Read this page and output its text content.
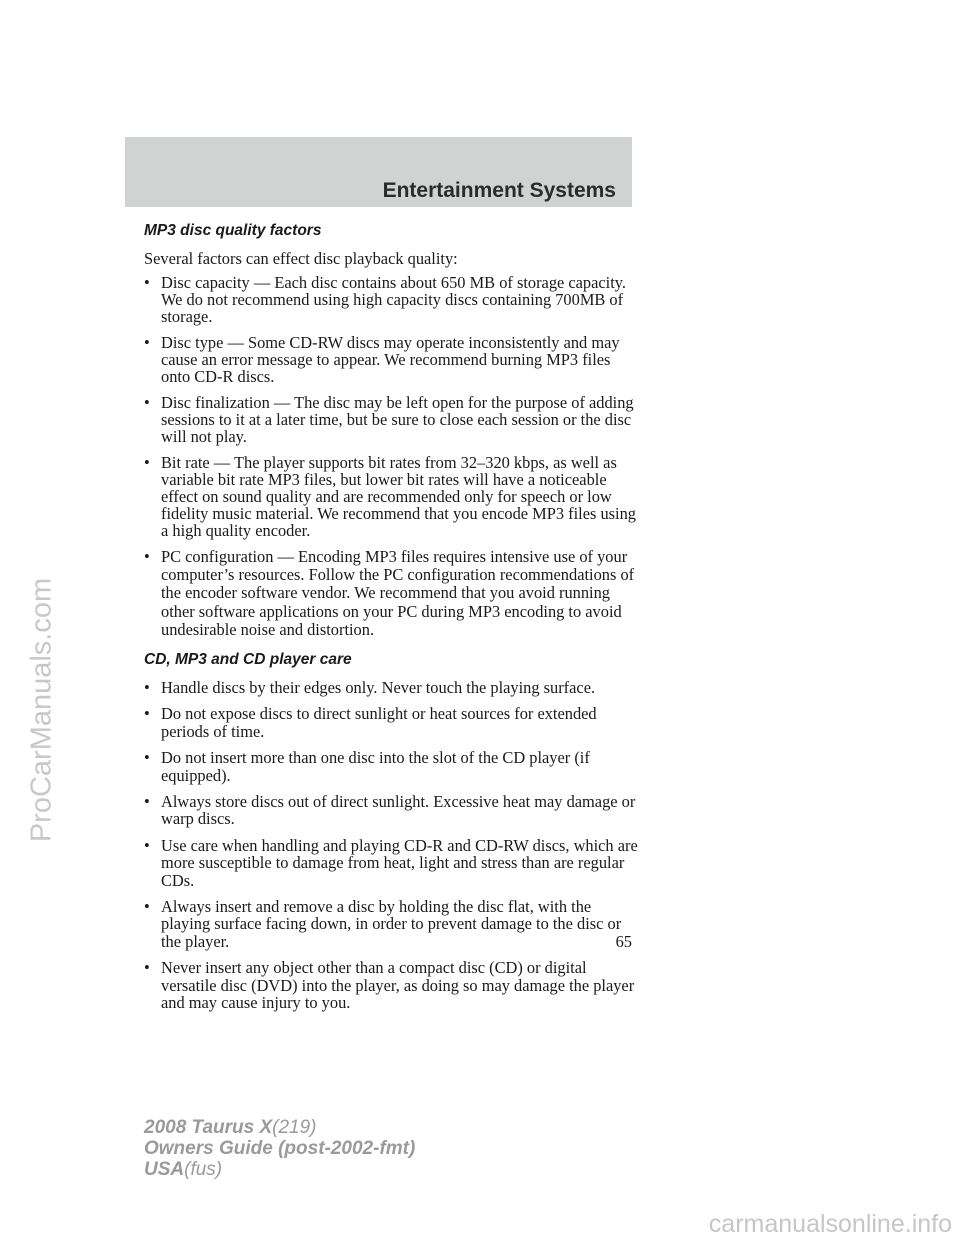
Entertainment Systems
MP3 disc quality factors

Several factors can effect disc playback quality:

• Disc capacity — Each disc contains about 650 MB of storage capacity. We do not recommend using high capacity discs containing 700MB of storage.
• Disc type — Some CD-RW discs may operate inconsistently and may cause an error message to appear. We recommend burning MP3 files onto CD-R discs.
• Disc finalization — The disc may be left open for the purpose of adding sessions to it at a later time, but be sure to close each session or the disc will not play.
• Bit rate — The player supports bit rates from 32–320 kbps, as well as variable bit rate MP3 files, but lower bit rates will have a noticeable effect on sound quality and are recommended only for speech or low fidelity music material. We recommend that you encode MP3 files using a high quality encoder.
• PC configuration — Encoding MP3 files requires intensive use of your computer’s resources. Follow the PC configuration recommendations of the encoder software vendor. We recommend that you avoid running other software applications on your PC during MP3 encoding to avoid undesirable noise and distortion.
CD, MP3 and CD player care
• Handle discs by their edges only. Never touch the playing surface.
• Do not expose discs to direct sunlight or heat sources for extended periods of time.
• Do not insert more than one disc into the slot of the CD player (if equipped).
• Always store discs out of direct sunlight. Excessive heat may damage or warp discs.
• Use care when handling and playing CD-R and CD-RW discs, which are more susceptible to damage from heat, light and stress than are regular CDs.
• Always insert and remove a disc by holding the disc flat, with the playing surface facing down, in order to prevent damage to the disc or the player.
• Never insert any object other than a compact disc (CD) or digital versatile disc (DVD) into the player, as doing so may damage the player and may cause injury to you.
65
2008 Taurus X(219)
Owners Guide (post-2002-fmt)
USA(fus)
ProCarManuals.com
carmanualsonline.info
